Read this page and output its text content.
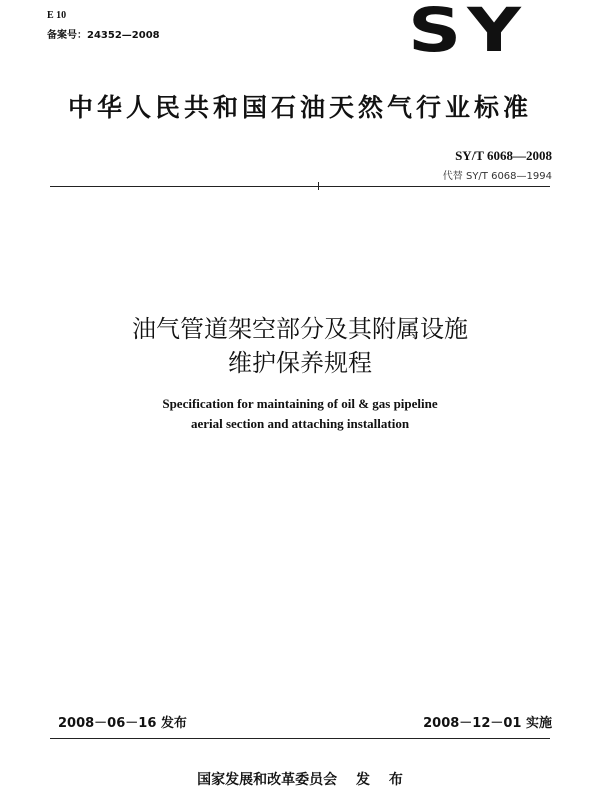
E 10
备案号：24352—2008	SY
中华人民共和国石油天然气行业标准
SY/T 6068—2008
代替 SY/T 6068—1994
油气管道架空部分及其附属设施
维护保养规程
Specification for maintaining of oil & gas pipeline
aerial section and attaching installation
2008－06－16 发布	2008－12－01 实施
国家发展和改革委员会 发 布
